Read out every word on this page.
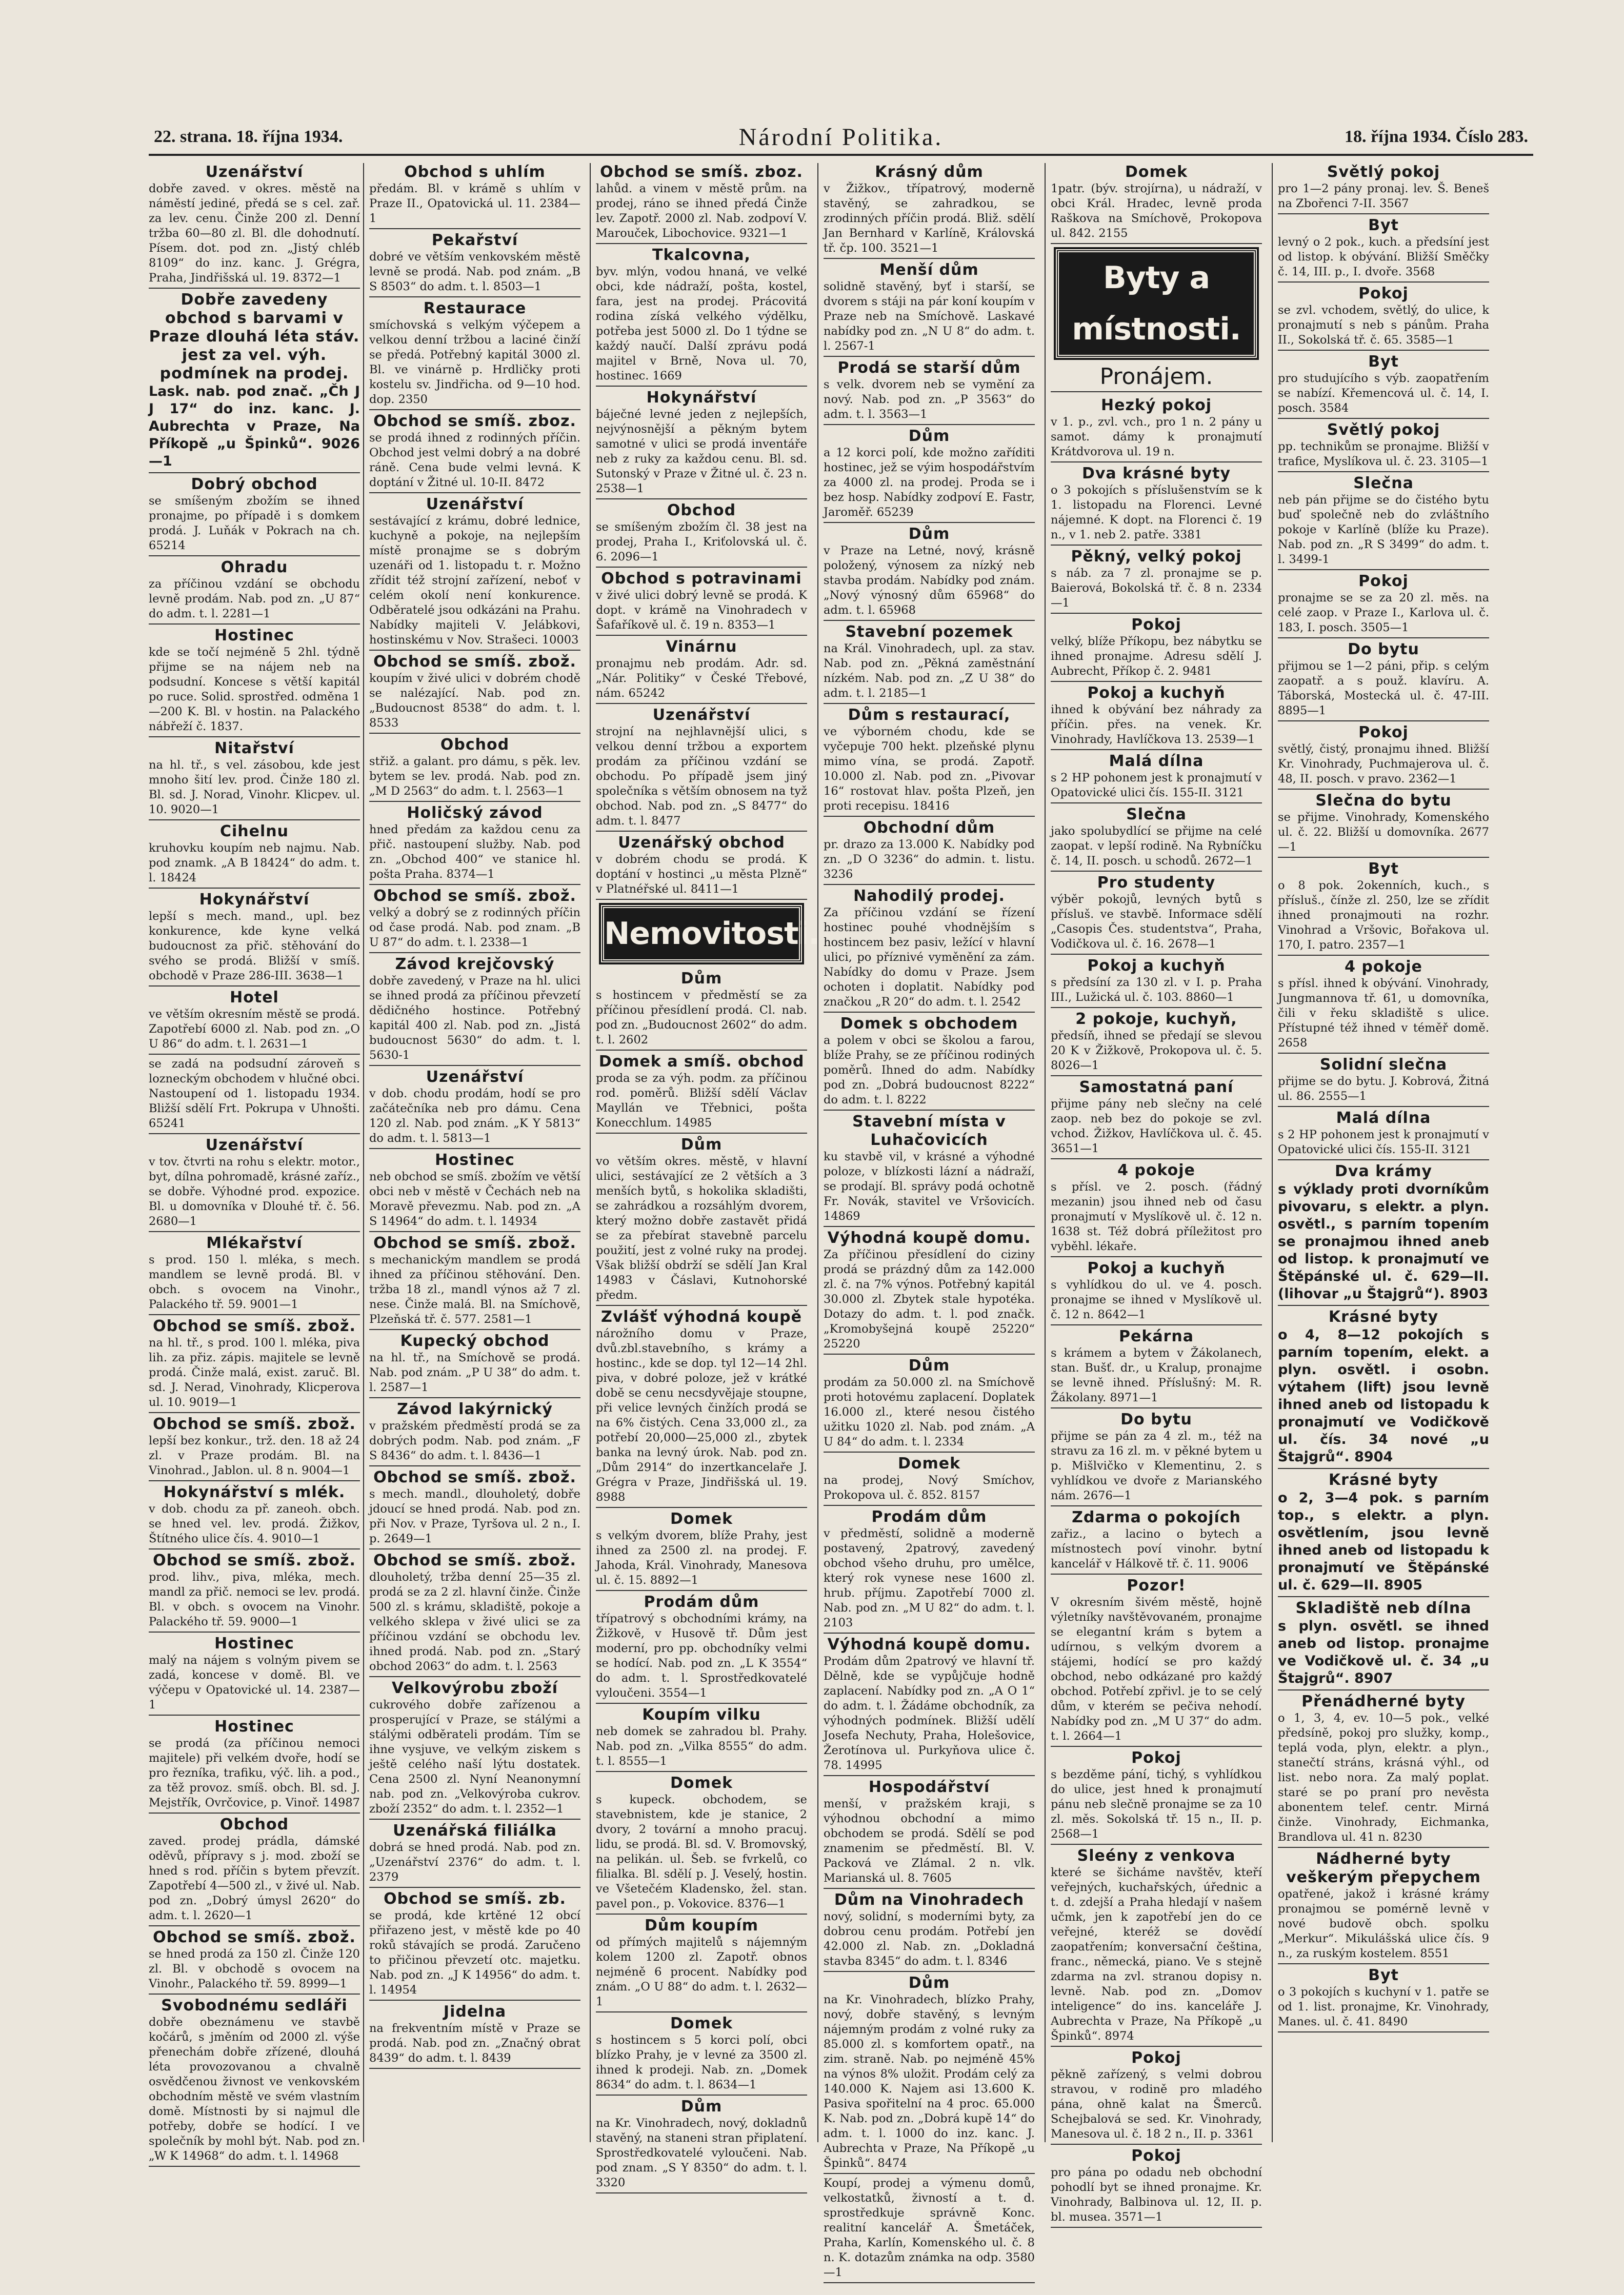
22. strana. 18. října 1934.	Národní Politika.	18. října 1934. Číslo 283.
Uzenářství
dobře zaved. v okres. městě na náměstí jediné, předá se s cel. zař. za lev. cenu. Činže 200 zl. Denní tržba 60—80 zl. Bl. dle dohodnutí. Písem. dot. pod zn. „Jistý chléb 8109“ do inz. kanc. J. Grégra, Praha, Jindřišská ul. 19. 8372—1
Dobře zavedeny obchod s barvami v Praze dlouhá léta stáv. jest za vel. výh. podmínek na prodej.
Lask. nab. pod znač. „Čh J J 17“ do inz. kanc. J. Aubrechta v Praze, Na Příkopě „u Špinků“. 9026—1
Dobrý obchod
se smíšeným zbožím se ihned pronajme, po případě i s domkem prodá. J. Luňák v Pokrach na ch. 65214
Ohradu
za příčinou vzdání se obchodu levně prodám. Nab. pod zn. „U 87“ do adm. t. l. 2281—1
Hostinec
kde se točí nejméně 5 2hl. týdně přijme se na nájem neb na podsudní. Koncese s větší kapitál po ruce. Solid. sprostřed. odměna 1—200 K. Bl. v hostin. na Palackého nábřeží č. 1837.
Nitařství
na hl. tř., s vel. zásobou, kde jest mnoho šití lev. prod. Činže 180 zl. Bl. sd. J. Norad, Vinohr. Klicpev. ul. 10. 9020—1
Cihelnu
kruhovku koupím neb najmu. Nab. pod znamk. „A B 18424“ do adm. t. l. 18424
Hokynářství
lepší s mech. mand., upl. bez konkurence, kde kyne velká budoucnost za přič. stěhování do svého se prodá. Bližší v smíš. obchodě v Praze 286-III. 3638—1
Hotel
ve větším okresním městě se prodá. Zapotřebí 6000 zl. Nab. pod zn. „O U 86“ do adm. t. l. 2631—1
se zadá na podsudní zároveň s lozneckým obchodem v hlučné obci. Nastoupení od 1. listopadu 1934. Bližší sdělí Frt. Pokrupa v Uhnošti. 65241
Uzenářství
v tov. čtvrti na rohu s elektr. motor., byt, dílna pohromadě, krásné zaříz., se dobře. Výhodné prod. expozice. Bl. u domovníka v Dlouhé tř. č. 56. 2680—1
Mlékařství
s prod. 150 l. mléka, s mech. mandlem se levně prodá. Bl. v obch. s ovocem na Vinohr., Palackého tř. 59. 9001—1
Obchod se smíš. zbož.
na hl. tř., s prod. 100 l. mléka, piva lih. za přiz. zápis. majitele se levně prodá. Činže malá, exist. zaruč. Bl. sd. J. Nerad, Vinohrady, Klicperova ul. 10. 9019—1
Obchod se smíš. zbož.
lepší bez konkur., trž. den. 18 až 24 zl. v Praze prodám. Bl. na Vinohrad., Jablon. ul. 8 n. 9004—1
Hokynářství s mlék.
v dob. chodu za př. zaneoh. obch. se hned vel. lev. prodá. Žižkov, Štítného ulice čís. 4. 9010—1
Obchod se smíš. zbož.
prod. lihv., piva, mléka, mech. mandl za přič. nemoci se lev. prodá. Bl. v obch. s ovocem na Vinohr. Palackého tř. 59. 9000—1
Hostinec
malý na nájem s volným pivem se zadá, koncese v domě. Bl. ve výčepu v Opatovické ul. 14. 2387—1
Hostinec
se prodá (za příčinou nemoci majitele) při velkém dvoře, hodí se pro řezníka, trafiku, výč. lih. a pod., za těž provoz. smíš. obch. Bl. sd. J. Mejstřík, Ovrčovice, p. Vinoř. 14987
Obchod
zaved. prodej prádla, dámské oděvů, přípravy s j. mod. zboží se hned s rod. příčin s bytem převzít. Zapotřebí 4—500 zl., v živé ul. Nab. pod zn. „Dobrý úmysl 2620“ do adm. t. l. 2620—1
Obchod se smíš. zbož.
se hned prodá za 150 zl. Činže 120 zl. Bl. v obchodě s ovocem na Vinohr., Palackého tř. 59. 8999—1
Svobodnému sedláři
dobře obeznámenu ve stavbě kočárů, s jměním od 2000 zl. výše přenechám dobře zřízené, dlouhá léta provozovanou a chvalně osvědčenou živnost ve venkovském obchodním městě ve svém vlastním domě. Místnosti by si najmul dle potřeby, dobře se hodící. I ve společník by mohl být. Nab. pod zn. „W K 14968“ do adm. t. l. 14968
Obchod s uhlím
předám. Bl. v krámě s uhlím v Praze II., Opatovická ul. 11. 2384—1
Pekařství
dobré ve větším venkovském městě levně se prodá. Nab. pod znám. „B S 8503“ do adm. t. l. 8503—1
Restaurace
smíchovská s velkým výčepem a velkou denní tržbou a laciné činží se předá. Potřebný kapitál 3000 zl. Bl. ve vinárně p. Hrdličky proti kostelu sv. Jindřicha. od 9—10 hod. dop. 2350
Obchod se smíš. zboz.
se prodá ihned z rodinných příčin. Obchod jest velmi dobrý a na dobré ráně. Cena bude velmi levná. K doptání v Žitné ul. 10-II. 8472
Uzenářství
sestávající z krámu, dobré lednice, kuchyně a pokoje, na nejlepším místě pronajme se s dobrým uzenáři od 1. listopadu t. r. Možno zřídit též strojní zařízení, neboť v celém okolí není konkurence. Odběratelé jsou odkázáni na Prahu. Nabídky majiteli V. Jelábkovi, hostinskému v Nov. Strašeci. 10003
Obchod se smíš. zbož.
koupím v živé ulici v dobrém chodě se nalézající. Nab. pod zn. „Budoucnost 8538“ do adm. t. l. 8533
Obchod
střiž. a galant. pro dámu, s pěk. lev. bytem se lev. prodá. Nab. pod zn. „M D 2563“ do adm. t. l. 2563—1
Holičský závod
hned předám za každou cenu za přič. nastoupení služby. Nab. pod zn. „Obchod 400“ ve stanice hl. pošta Praha. 8374—1
Obchod se smíš. zbož.
velký a dobrý se z rodinných příčin od čase prodá. Nab. pod znam. „B U 87“ do adm. t. l. 2338—1
Závod krejčovský
dobře zavedený, v Praze na hl. ulici se ihned prodá za příčinou převzetí dědičného hostince. Potřebný kapitál 400 zl. Nab. pod zn. „Jistá budoucnost 5630“ do adm. t. l. 5630-1
Uzenářství
v dob. chodu prodám, hodí se pro začátečníka neb pro dámu. Cena 120 zl. Nab. pod znám. „K Y 5813“ do adm. t. l. 5813—1
Hostinec
neb obchod se smíš. zbožím ve větší obci neb v městě v Čechách neb na Moravě převezmu. Nab. pod zn. „A S 14964“ do adm. t. l. 14934
Obchod se smíš. zbož.
s mechanickým mandlem se prodá ihned za příčinou stěhování. Den. tržba 18 zl., mandl výnos až 7 zl. nese. Činže malá. Bl. na Smíchově, Plzeňská tř. č. 577. 2581—1
Kupecký obchod
na hl. tř., na Smíchově se prodá. Nab. pod znám. „P U 38“ do adm. t. l. 2587—1
Závod lakýrnický
v pražském předměstí prodá se za dobrých podm. Nab. pod znám. „F S 8436“ do adm. t. l. 8436—1
Obchod se smíš. zbož.
s mech. mandl., dlouholetý, dobře jdoucí se hned prodá. Nab. pod zn. při Nov. v Praze, Tyršova ul. 2 n., I. p. 2649—1
Obchod se smíš. zbož.
dlouholetý, tržba denní 25—35 zl. prodá se za 2 zl. hlavní činže. Činže 500 zl. s krámu, skladiště, pokoje a velkého sklepa v živé ulici se za příčinou vzdání se obchodu lev. ihned prodá. Nab. pod zn. „Starý obchod 2063“ do adm. t. l. 2563
Velkovýrobu zboží
cukrového dobře zařízenou a prosperující v Praze, se stálými a stálými odběrateli prodám. Tím se ihne vysjuve, ve velkým ziskem s ještě celého naší lýtu dostatek. Cena 2500 zl. Nyní Neanonymní nab. pod zn. „Velkovýroba cukrov. zboží 2352“ do adm. t. l. 2352—1
Uzenářská filiálka
dobrá se hned prodá. Nab. pod zn. „Uzenářství 2376“ do adm. t. l. 2379
Obchod se smíš. zb.
se prodá, kde krtěné 12 obcí přiřazeno jest, v městě kde po 40 roků stávajích se prodá. Zaručeno to přičinou převzetí otc. majetku. Nab. pod zn. „J K 14956“ do adm. t. l. 14954
Jidelna
na frekventním místě v Praze se prodá. Nab. pod zn. „Značný obrat 8439“ do adm. t. l. 8439
Obchod se smíš. zboz.
lahůd. a vinem v městě prům. na prodej, ráno se ihned předá Činže lev. Zapotř. 2000 zl. Nab. zodpoví V. Marouček, Libochovice. 9321—1
Tkalcovna,
byv. mlýn, vodou hnaná, ve velké obci, kde nádraží, pošta, kostel, fara, jest na prodej. Prácovitá rodina získá velkého výdělku, potřeba jest 5000 zl. Do 1 týdne se každý naučí. Další zprávu podá majitel v Brně, Nova ul. 70, hostinec. 1669
Hokynářství
báječné levné jeden z nejlepších, nejvýnosnější a pěkným bytem samotné v ulici se prodá inventáře neb z ruky za každou cenu. Bl. sd. Sutonský v Praze v Žitné ul. č. 23 n. 2538—1
Obchod
se smíšeným zbožím čl. 38 jest na prodej, Praha I., Kriťolovská ul. č. 6. 2096—1
Obchod s potravinami
v živé ulici dobrý levně se prodá. K dopt. v krámě na Vinohradech v Šafaříkově ul. č. 19 n. 8353—1
Vinárnu
pronajmu neb prodám. Adr. sd. „Nár. Politiky“ v České Třebové, nám. 65242
Uzenářství
strojní na nejhlavnější ulici, s velkou denní tržbou a exportem prodám za příčinou vzdání se obchodu. Po případě jsem jiný společníka s větším obnosem na tyž obchod. Nab. pod zn. „S 8477“ do adm. t. l. 8477
Uzenářský obchod
v dobrém chodu se prodá. K doptání v hostinci „u města Plzně“ v Platnéřské ul. 8411—1
Nemovitosti.
Dům
s hostincem v předměstí se za příčinou přesídlení prodá. Cl. nab. pod zn. „Budoucnost 2602“ do adm. t. l. 2602
Domek a smíš. obchod
proda se za výh. podm. za příčinou rod. poměrů. Bližší sdělí Václav Mayllán ve Třebnici, pošta Konecchlum. 14985
Dům
vo větším okres. městě, v hlavní ulici, sestávající ze 2 větších a 3 menších bytů, s hokolika skladišti, se zahrádkou a rozsáhlým dvorem, který možno dobře zastavět přidá se za přebírat stavebně parcelu použití, jest z volné ruky na prodej. Však bližší obdrží se sdělí Jan Kral 14983 v Čáslavi, Kutnohorské předm.
Zvlášť výhodná koupě
nárožního domu v Praze, dvů.zbl.stavebního, s krámy a hostinc., kde se dop. tyl 12—14 2hl. piva, v dobré poloze, jež v krátké době se cenu necsdyvějaje stoupne, při velice levných činžích prodá se na 6% čistých. Cena 33,000 zl., za potřebí 20,000—25,000 zl., zbytek banka na levný úrok. Nab. pod zn. „Dům 2914“ do inzertkancelaře J. Grégra v Praze, Jindřišská ul. 19. 8988
Domek
s velkým dvorem, blíže Prahy, jest ihned za 2500 zl. na prodej. F. Jahoda, Král. Vinohrady, Manesova ul. č. 15. 8892—1
Prodám dům
třípatrový s obchodními krámy, na Žižkově, v Husově tř. Dům jest moderní, pro pp. obchodníky velmi se hodící. Nab. pod zn. „L K 3554“ do adm. t. l. Sprostředkovatelé vyloučeni. 3554—1
Koupím vilku
neb domek se zahradou bl. Prahy. Nab. pod zn. „Vilka 8555“ do adm. t. l. 8555—1
Domek
s kupeck. obchodem, se stavebnistem, kde je stanice, 2 dvory, 2 tovární a mnoho pracuj. lidu, se prodá. Bl. sd. V. Bromovský, na pelikán. ul. Šeb. se fvrkelů, co filialka. Bl. sdělí p. J. Veselý, hostin. ve Všetečém Kladensko, žel. stan. pavel pon., p. Vokovice. 8376—1
Dům koupím
od přímých majitelů s nájemným kolem 1200 zl. Zapotř. obnos nejméně 6 procent. Nabídky pod znám. „O U 88“ do adm. t. l. 2632—1
Domek
s hostincem s 5 korci polí, obci blízko Prahy, je v levné za 3500 zl. ihned k prodeji. Nab. zn. „Domek 8634“ do adm. t. l. 8634—1
Dům
na Kr. Vinohradech, nový, dokladnů stavěný, na staneni stran připlatení. Sprostředkovatelé vyloučeni. Nab. pod znam. „S Y 8350“ do adm. t. l. 3320
Krásný dům
v Žižkov., třípatrový, moderně stavěný, se zahradkou, se zrodinných příčin prodá. Bliž. sdělí Jan Bernhard v Karlíně, Královská tř. čp. 100. 3521—1
Menší dům
solidně stavěný, byť i starší, se dvorem s stáji na pár koní koupím v Praze neb na Smíchově. Laskavé nabídky pod zn. „N U 8“ do adm. t. l. 2567-1
Prodá se starší dům
s velk. dvorem neb se vymění za nový. Nab. pod zn. „P 3563“ do adm. t. l. 3563—1
Dům
a 12 korci polí, kde možno zaříditi hostinec, jež se výim hospodářstvím za 4000 zl. na prodej. Proda se i bez hosp. Nabídky zodpoví E. Fastr, Jaroměř. 65239
Dům
v Praze na Letné, nový, krásně položený, výnosem za nízký neb stavba prodám. Nabídky pod znám. „Nový výnosný dům 65968“ do adm. t. l. 65968
Stavební pozemek
na Král. Vinohradech, upl. za stav. Nab. pod zn. „Pěkná zaměstnání nízkém. Nab. pod zn. „Z U 38“ do adm. t. l. 2185—1
Dům s restaurací,
ve výborném chodu, kde se vyčepuje 700 hekt. plzeňské plynu mimo vína, se prodá. Zapotř. 10.000 zl. Nab. pod zn. „Pivovar 16“ rostovat hlav. pošta Plzeň, jen proti recepisu. 18416
Obchodní dům
pr. drazo za 13.000 K. Nabídky pod zn. „D O 3236“ do admin. t. listu. 3236
Nahodilý prodej.
Za příčinou vzdání se řízení hostinec pouhé vhodnějším s hostincem bez pasiv, ležící v hlavní ulici, po příznivé vyměnění za zám. Nabídky do domu v Praze. Jsem ochoten i doplatit. Nabídky pod značkou „R 20“ do adm. t. l. 2542
Domek s obchodem
a polem v obci se školou a farou, blíže Prahy, se ze příčinou rodiných poměrů. Ihned do adm. Nabídky pod zn. „Dobrá budoucnost 8222“ do adm. t. l. 8222
Stavební místa v Luhačovicích
ku stavbě vil, v krásné a výhodné poloze, v blízkosti lázní a nádraží, se prodají. Bl. správy podá ochotně Fr. Novák, stavitel ve Vršovicích. 14869
Výhodná koupě domu.
Za příčinou přesídlení do ciziny prodá se prázdný dům za 142.000 zl. č. na 7% výnos. Potřebný kapitál 30.000 zl. Zbytek stale hypotéka. Dotazy do adm. t. l. pod značk. „Kromobyšejná koupě 25220“ 25220
Dům
prodám za 50.000 zl. na Smíchově proti hotovému zaplacení. Doplatek 16.000 zl., které nesou čistého užitku 1020 zl. Nab. pod znám. „A U 84“ do adm. t. l. 2334
Domek
na prodej, Nový Smíchov, Prokopova ul. č. 852. 8157
Prodám dům
v předměstí, solidně a moderně postavený, 2patrový, zavedený obchod všeho druhu, pro umělce, který rok vynese nese 1600 zl. hrub. příjmu. Zapotřebí 7000 zl. Nab. pod zn. „M U 82“ do adm. t. l. 2103
Výhodná koupě domu.
Prodám dům 2patrový ve hlavní tř. Dělně, kde se vypůjčuje hodně zaplacení. Nabídky pod zn. „A O 1“ do adm. t. l. Žádáme obchodník, za výhodných podmínek. Bližší udělí Josefa Nechuty, Praha, Holešovice, Žerotínova ul. Purkyňova ulice č. 78. 14995
Hospodářství
menší, v pražském kraji, s výhodnou obchodní a mimo obchodem se prodá. Sdělí se pod znamenim se předměstí. Bl. V. Packová ve Zlámal. 2 n. vlk. Marianská ul. 8. 7605
Dům na Vinohradech
nový, solidní, s moderními byty, za dobrou cenu prodám. Potřebí jen 42.000 zl. Nab. zn. „Dokladná stavba 8345“ do adm. t. l. 8346
Dům
na Kr. Vinohradech, blízko Prahy, nový, dobře stavěný, s levným nájemným prodám z volné ruky za 85.000 zl. s komfortem opatř., na zim. straně. Nab. po nejméně 45% na výnos 8% uložit. Prodám celý za 140.000 K. Najem asi 13.600 K. Pasiva spořitelní na 4 proc. 65.000 K. Nab. pod zn. „Dobrá kupě 14“ do adm. t. l. 1000 do inz. kanc. J. Aubrechta v Praze, Na Příkopě „u Špinků“. 8474
Koupí, prodej a výmenu domů, velkostatků, živností a t. d. sprostředkuje správně Konc. realitní kancelář A. Šmetáček, Praha, Karlín, Komenského ul. č. 8 n. K. dotazům známka na odp. 3580—1
Domek
1patr. (býv. strojírna), u nádraží, v obci Král. Hradec, levně proda Raškova na Smíchově, Prokopova ul. 842. 2155
Byty a místnosti.
Pronájem.
Hezký pokoj
v 1. p., zvl. vch., pro 1 n. 2 pány u samot. dámy k pronajmutí Krátdvorova ul. 19 n.
Dva krásné byty
o 3 pokojích s příslušenstvím se k 1. listopadu na Florenci. Levné nájemné. K dopt. na Florenci č. 19 n., v 1. neb 2. patře. 3381
Pěkný, velký pokoj
s náb. za 7 zl. pronajme se p. Baierová, Bokolská tř. č. 8 n. 2334—1
Pokoj
velký, blíže Příkopu, bez nábytku se ihned pronajme. Adresu sdělí J. Aubrecht, Příkop č. 2. 9481
Pokoj a kuchyň
ihned k obývání bez náhrady za příčin. přes. na venek. Kr. Vinohrady, Havlíčkova 13. 2539—1
Malá dílna
s 2 HP pohonem jest k pronajmutí v Opatovické ulici čís. 155-II. 3121
Slečna
jako spolubydlící se přijme na celé zaopat. v lepší rodině. Na Rybníčku č. 14, II. posch. u schodů. 2672—1
Pro studenty
výběr pokojů, levných bytů s přísluš. ve stavbě. Informace sdělí „Casopis Čes. studentstva“, Praha, Vodičkova ul. č. 16. 2678—1
Pokoj a kuchyň
s předsíní za 130 zl. v I. p. Praha III., Lužická ul. č. 103. 8860—1
2 pokoje, kuchyň,
předsíň, ihned se předají se slevou 20 K v Žižkově, Prokopova ul. č. 5. 8026—1
Samostatná paní
přijme pány neb slečny na celé zaop. neb bez do pokoje se zvl. vchod. Žižkov, Havlíčkova ul. č. 45. 3651—1
4 pokoje
s přísl. ve 2. posch. (řádný mezanin) jsou ihned neb od času pronajmutí v Myslíkově ul. č. 12 n. 1638 st. Též dobrá příležitost pro vyběhl. lékaře.
Pokoj a kuchyň
s vyhlídkou do ul. ve 4. posch. pronajme se ihned v Myslíkově ul. č. 12 n. 8642—1
Pekárna
s krámem a bytem v Žákolanech, stan. Bušť. dr., u Kralup, pronajme se levně ihned. Příslušný: M. R. Žákolany. 8971—1
Do bytu
přijme se pán za 4 zl. m., též na stravu za 16 zl. m. v pěkné bytem u p. Mišlvičko v Klementinu, 2. s vyhlídkou ve dvoře z Marianského nám. 2676—1
Zdarma o pokojích
zařiz., a lacino o bytech a místnostech poví vinohr. bytní kancelář v Hálkově tř. č. 11. 9006
Pozor!
V okresním šivém městě, hojně výletníky navštěvovaném, pronajme se elegantní krám s bytem a udírnou, s velkým dvorem a stájemi, hodící se pro každý obchod, nebo odkázané pro každý obchod. Potřebí zpřivl. je to se celý dům, v kterém se pečiva nehodí. Nabídky pod zn. „M U 37“ do adm. t. l. 2664—1
Pokoj
s bezděme pání, tichý, s vyhlídkou do ulice, jest hned k pronajmutí pánu neb slečně pronajme se za 10 zl. měs. Sokolská tř. 15 n., II. p. 2568—1
Sleény z venkova
které se šicháme navštěv, kteří veřejných, kuchařských, úřednic a t. d. zdejší a Praha hledají v našem učmk, jen k zapotřebí jen do ce veřejné, kteréž se dovědí zaopatřením; konversační čeština, franc., německá, piano. Ve s stejně zdarma na zvl. stranou dopisy n. levně. Nab. pod zn. „Domov inteligence“ do ins. kanceláře J. Aubrechta v Praze, Na Příkopě „u Špinků“. 8974
Pokoj
pěkně zařízený, s velmi dobrou stravou, v rodině pro mladého pána, ohně kalat na Šmerců. Schejbalová se sed. Kr. Vinohrady, Manesova ul. č. 18 2 n., II. p. 3361
Pokoj
pro pána po odadu neb obchodní pohodlí byt se ihned pronajme. Kr. Vinohrady, Balbinova ul. 12, II. p. bl. musea. 3571—1
Světlý pokoj
pro 1—2 pány pronaj. lev. Š. Beneš na Zbořenci 7-II. 3567
Byt
levný o 2 pok., kuch. a předsíní jest od listop. k obývání. Bližší Směčky č. 14, III. p., I. dvoře. 3568
Pokoj
se zvl. vchodem, světlý, do ulice, k pronajmutí s neb s pánům. Praha II., Sokolská tř. č. 65. 3585—1
Byt
pro studujícího s výb. zaopatřením se nabízí. Křemencová ul. č. 14, I. posch. 3584
Světlý pokoj
pp. technikům se pronajme. Bližší v trafice, Myslíkova ul. č. 23. 3105—1
Slečna
neb pán přijme se do čistého bytu buď společně neb do zvláštního pokoje v Karlíně (blíže ku Praze). Nab. pod zn. „R S 3499“ do adm. t. l. 3499-1
Pokoj
pronajme se se za 20 zl. měs. na celé zaop. v Praze I., Karlova ul. č. 183, I. posch. 3505—1
Do bytu
přijmou se 1—2 páni, přip. s celým zaopatř. a s použ. klavíru. A. Táborská, Mostecká ul. č. 47-III. 8895—1
Pokoj
světlý, čistý, pronajmu ihned. Bližší Kr. Vinohrady, Puchmajerova ul. č. 48, II. posch. v pravo. 2362—1
Slečna do bytu
se přijme. Vinohrady, Komenského ul. č. 22. Bližší u domovníka. 2677—1
Byt
o 8 pok. 2okenních, kuch., s přísluš., čínže zl. 250, lze se zřídit ihned pronajmouti na rozhr. Vinohrad a Vršovic, Bořakova ul. 170, I. patro. 2357—1
4 pokoje
s přísl. ihned k obývání. Vinohrady, Jungmannova tř. 61, u domovníka, čili v řeku skladiště s ulice. Přístupné též ihned v téměř domě. 2658
Solidní slečna
přijme se do bytu. J. Kobrová, Žitná ul. 86. 2555—1
Malá dílna
s 2 HP pohonem jest k pronajmutí v Opatovické ulici čís. 155-II. 3121
Dva krámy
s výklady proti dvorníkům pivovaru, s elektr. a plyn. osvětl., s parním topením se pronajmou ihned aneb od listop. k pronajmutí ve Štěpánské ul. č. 629—II. (lihovar „u Štajgrů“). 8903
Krásné byty
o 4, 8—12 pokojích s parním topením, elekt. a plyn. osvětl. i osobn. výtahem (lift) jsou levně ihned aneb od listopadu k pronajmutí ve Vodičkově ul. čís. 34 nové „u Štajgrů“. 8904
Krásné byty
o 2, 3—4 pok. s parním top., s elektr. a plyn. osvětlením, jsou levně ihned aneb od listopadu k pronajmutí ve Štěpánské ul. č. 629—II. 8905
Skladiště neb dílna
s plyn. osvětl. se ihned aneb od listop. pronajme ve Vodičkově ul. č. 34 „u Štajgrů“. 8907
Přenádherné byty
o 1, 3, 4, ev. 10—5 pok., velké předsíně, pokoj pro služky, komp., teplá voda, plyn, elektr. a plyn., stanečtí stráns, krásná výhl., od list. nebo nora. Za malý poplat. staré se po praní pro nevěsta abonentem telef. centr. Mirná činže. Vinohrady, Eichmanka, Brandlova ul. 41 n. 8230
Nádherné byty veškerým přepychem
opatřené, jakož i krásné krámy pronajmou se pomérně levně v nové budově obch. spolku „Merkur“. Mikulášská ulice čís. 9 n., za ruským kostelem. 8551
Byt
o 3 pokojích s kuchyní v 1. patře se od 1. list. pronajme, Kr. Vinohrady, Manes. ul. č. 41. 8490
